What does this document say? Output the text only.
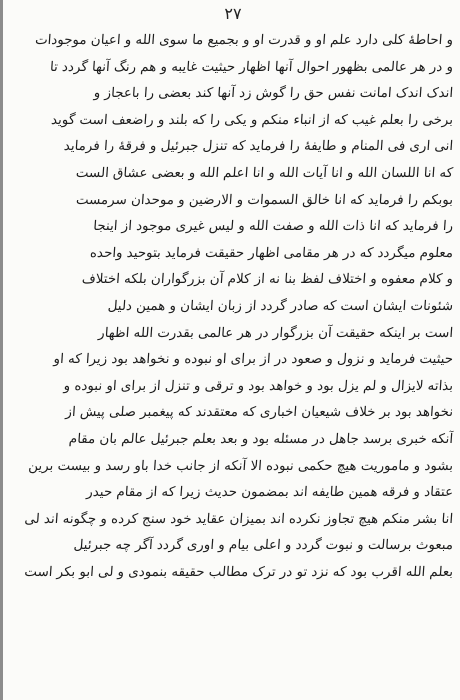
۲۷
و احاطۀ کلی دارد علم او و قدرت او و بجمیع ما سوی الله و اعیان موجودات
و در هر عالمی بظهور احوال آنها اظهار حیثیت غایبه و هم رنگ آنها گردد تا
اندک اندک امانت نفس حق را گوش زد آنها کند بعضی را باعجاز و
برخی را بعلم غیب که از انباء منکم و یکی را که بلند و راضعف است گوید
انی اری فی المنام و طایفۀ را فرماید که تنزل جبرئیل و فرقۀ را فرماید
که انا اللسان الله و انا آیات الله و انا اعلم الله و بعضی عشاق الست
بوبکم را فرماید که انا خالق السموات و الارضین و موحدان سرمست
را فرماید که انا ذات الله و صفت الله و لیس غیری موجود از اینجا
معلوم میگردد که در هر مقامی اظهار حقیقت فرماید بتوحید واحده
و کلام معفوه و اختلاف لفظ بنا نه از کلام آن بزرگواران بلکه اختلاف
شئونات ایشان است که صادر گردد از زبان ایشان و همین دلیل
است بر اینکه حقیقت آن بزرگوار در هر عالمی بقدرت الله اظهار
حیثیت فرماید و نزول و صعود در از برای او نبوده و نخواهد بود زیرا که او
بذاته لایزال و لم یزل بود و خواهد بود و ترقی و تنزل از برای او نبوده و
نخواهد بود بر خلاف شیعیان اخباری که معتقدند که پیغمبر صلی پیش از
آنکه خبری برسد جاهل در مسئله بود و بعد بعلم جبرئیل عالم بان مقام
بشود و ماموریت هیچ حکمی نبوده الا آنکه از جانب خدا باو رسد و بیست برین
عتقاد و فرقه همین طایفه اند بمضمون حدیث زیرا که از مقام حیدر
انا بشر منکم هیچ تجاوز نکرده اند بمیزان عقاید خود سنج کرده و چگونه اند لی
مبعوث برسالت و نبوت گردد و اعلی بیام و اوری گردد آگر چه جبرئیل
بعلم الله اقرب بود که نزد تو در ترک مطالب حقیقه بنمودی و لی ابو بکر است
